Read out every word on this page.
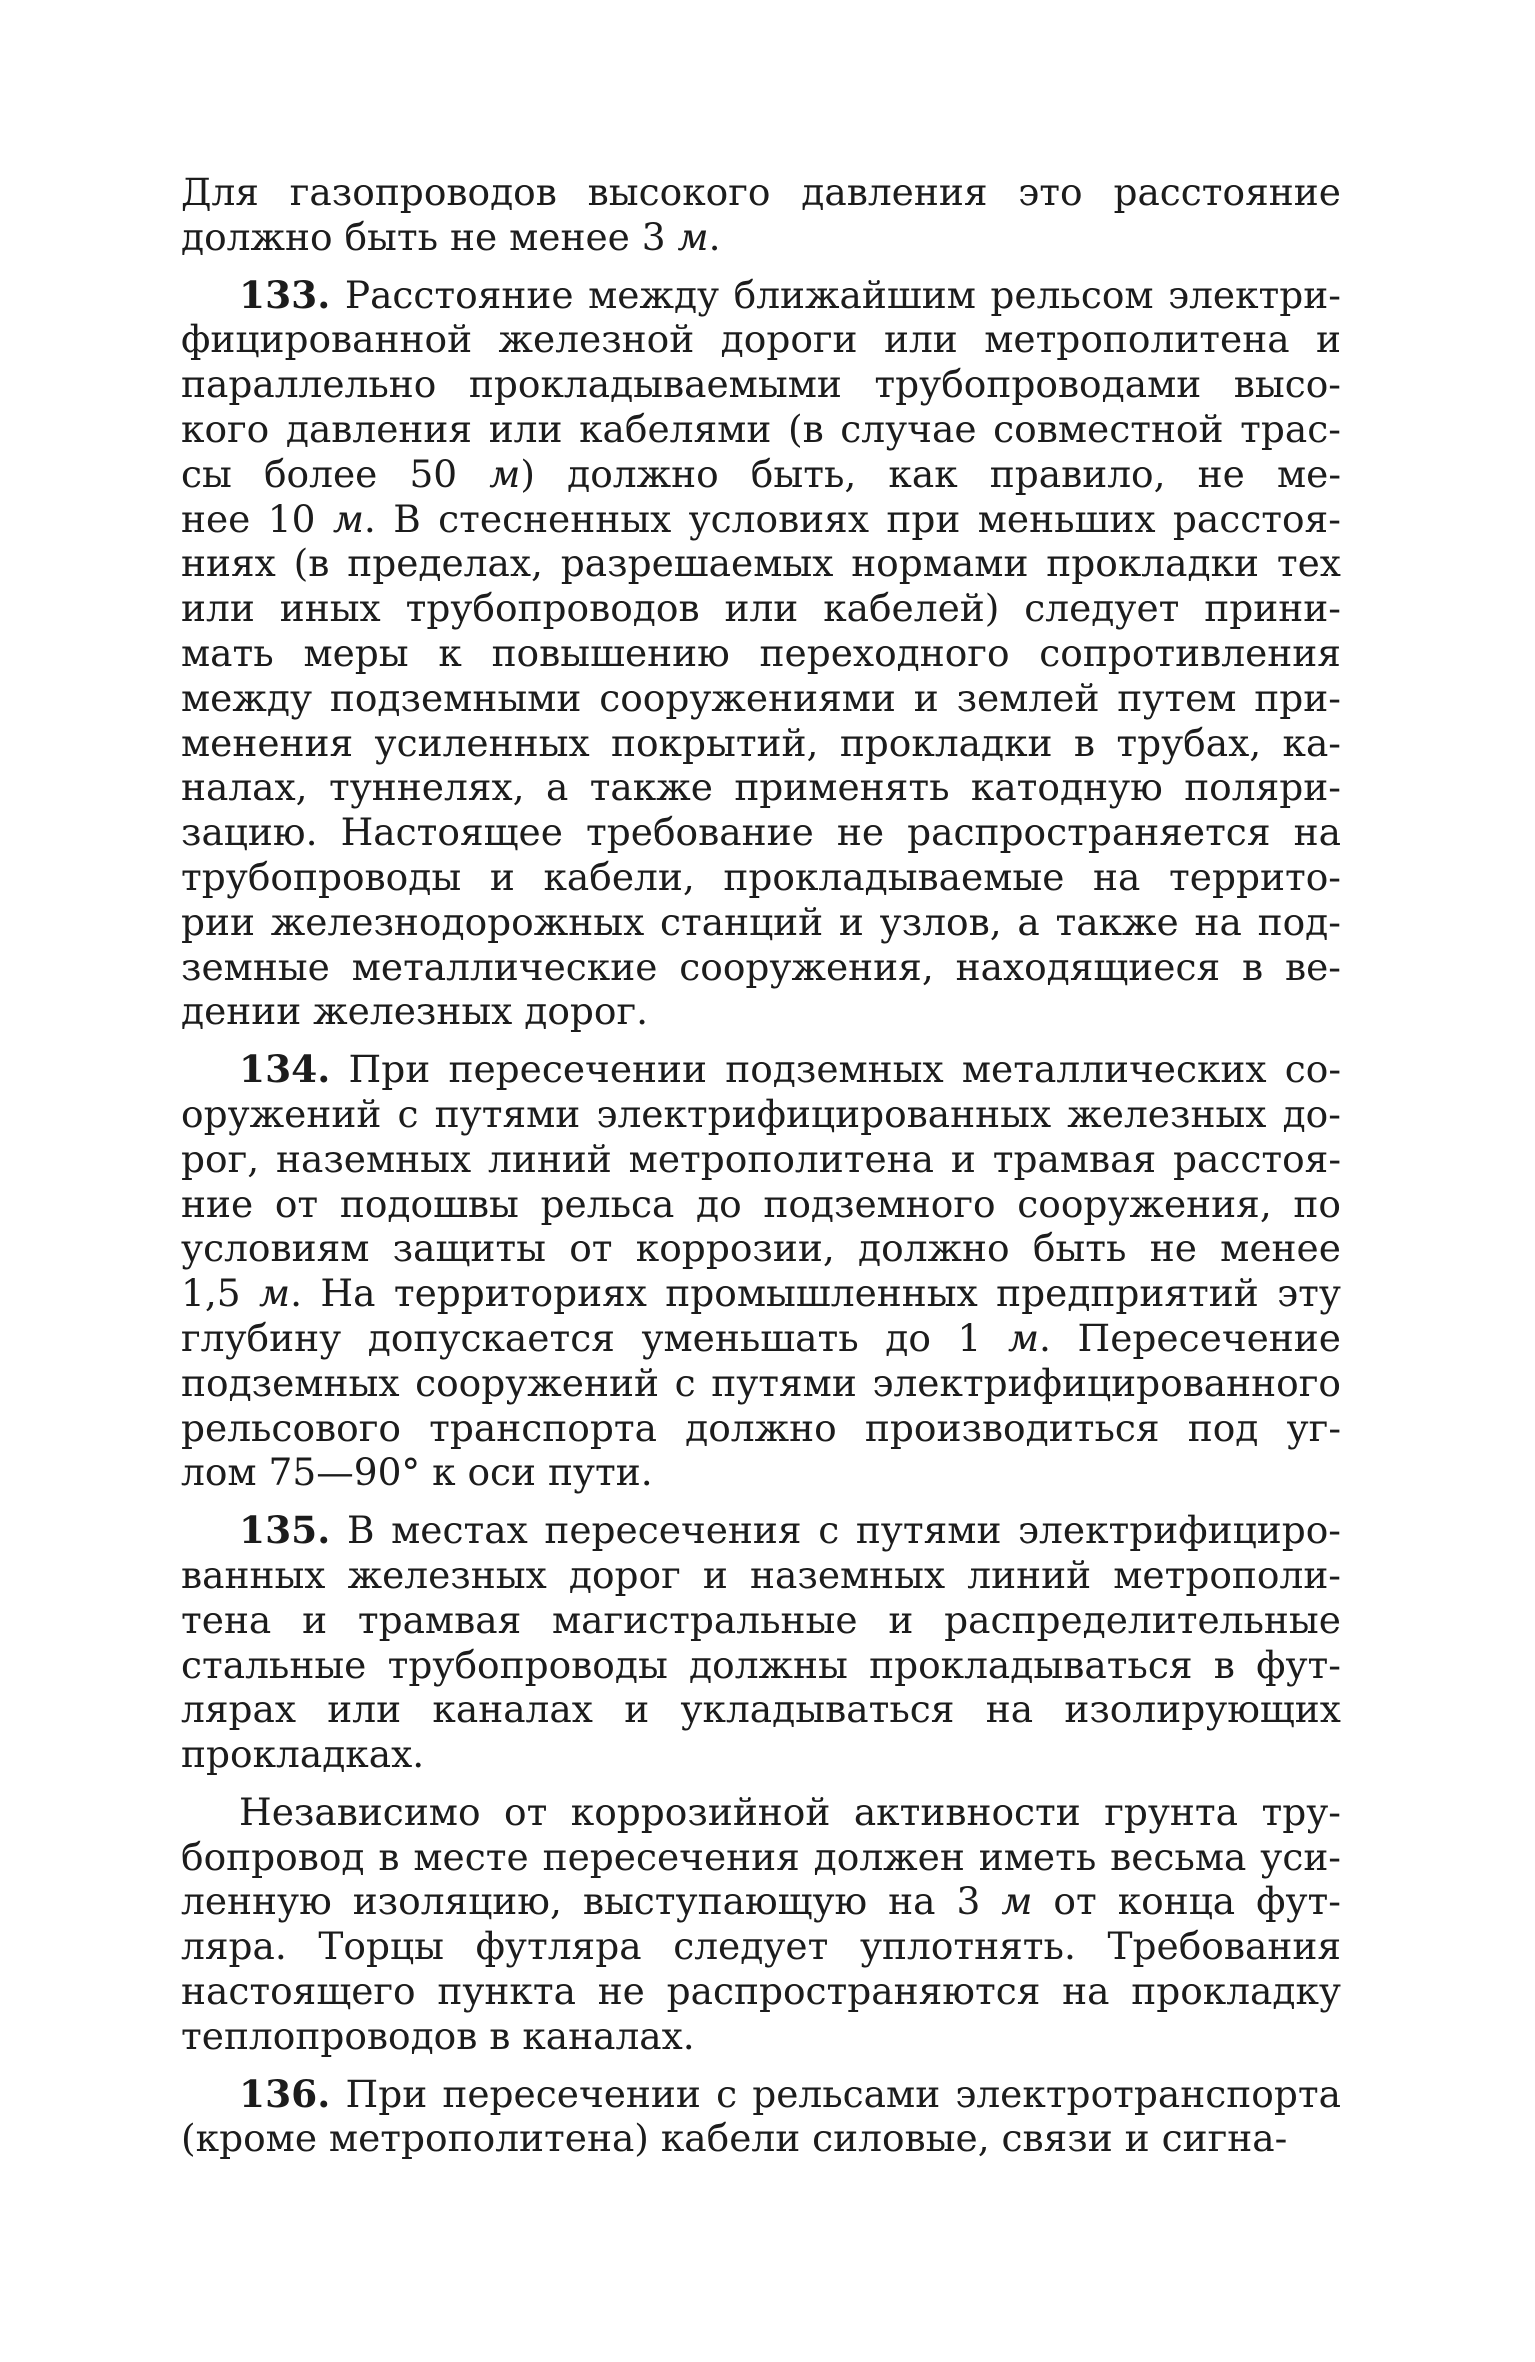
Для газопроводов высокого давления это расстояние
должно быть не менее 3 м.
133. Расстояние между ближайшим рельсом электри-
фицированной железной дороги или метрополитена и
параллельно прокладываемыми трубопроводами высо-
кого давления или кабелями (в случае совместной трас-
сы более 50 м) должно быть, как правило, не ме-
нее 10 м. В стесненных условиях при меньших расстоя-
ниях (в пределах, разрешаемых нормами прокладки тех
или иных трубопроводов или кабелей) следует прини-
мать меры к повышению переходного сопротивления
между подземными сооружениями и землей путем при-
менения усиленных покрытий, прокладки в трубах, ка-
налах, туннелях, а также применять катодную поляри-
зацию. Настоящее требование не распространяется на
трубопроводы и кабели, прокладываемые на террито-
рии железнодорожных станций и узлов, а также на под-
земные металлические сооружения, находящиеся в ве-
дении железных дорог.
134. При пересечении подземных металлических со-
оружений с путями электрифицированных железных до-
рог, наземных линий метрополитена и трамвая расстоя-
ние от подошвы рельса до подземного сооружения, по
условиям защиты от коррозии, должно быть не менее
1,5 м. На территориях промышленных предприятий эту
глубину допускается уменьшать до 1 м. Пересечение
подземных сооружений с путями электрифицированного
рельсового транспорта должно производиться под уг-
лом 75—90° к оси пути.
135. В местах пересечения с путями электрифициро-
ванных железных дорог и наземных линий метрополи-
тена и трамвая магистральные и распределительные
стальные трубопроводы должны прокладываться в фут-
лярах или каналах и укладываться на изолирующих
прокладках.
Независимо от коррозийной активности грунта тру-
бопровод в месте пересечения должен иметь весьма уси-
ленную изоляцию, выступающую на 3 м от конца фут-
ляра. Торцы футляра следует уплотнять. Требования
настоящего пункта не распространяются на прокладку
теплопроводов в каналах.
136. При пересечении с рельсами электротранспорта
(кроме метрополитена) кабели силовые, связи и сигна-
